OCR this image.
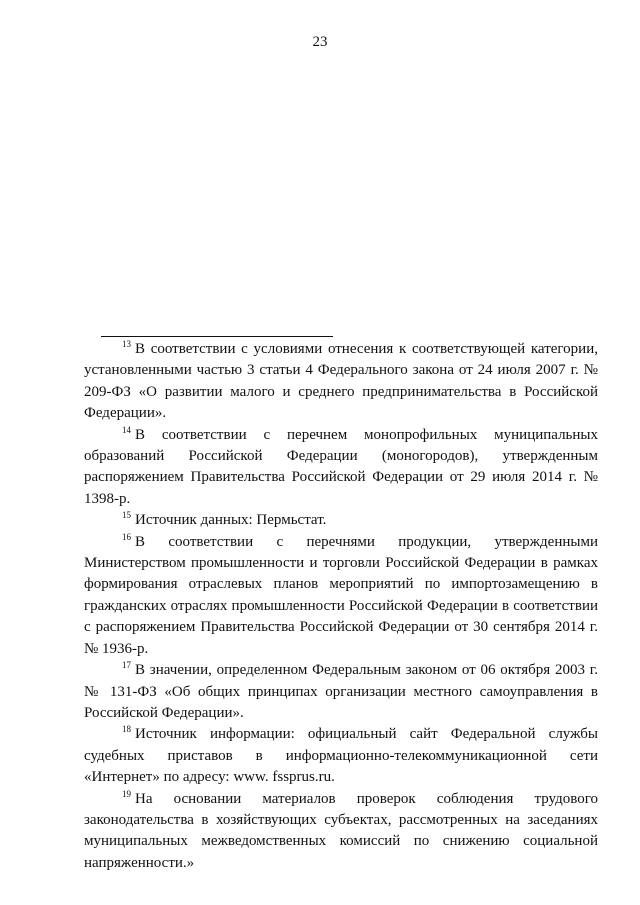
23

$^{13}$ В соответствии с условиями отнесения к соответствующей категории, установленными частью 3 статьи 4 Федерального закона от 24 июля 2007 г. № 209-ФЗ «О развитии малого и среднего предпринимательства в Российской Федерации».

$^{14}$ В соответствии с перечнем монопрофильных муниципальных образований Российской Федерации (моногородов), утвержденным распоряжением Правительства Российской Федерации от 29 июля 2014 г. № 1398-р.

$^{15}$ Источник данных: Пермьстат.

$^{16}$ В соответствии с перечнями продукции, утвержденными Министерством промышленности и торговли Российской Федерации в рамках формирования отраслевых планов мероприятий по импортозамещению в гражданских отраслях промышленности Российской Федерации в соответствии с распоряжением Правительства Российской Федерации от 30 сентября 2014 г. № 1936-р.

$^{17}$ В значении, определенном Федеральным законом от 06 октября 2003 г. № 131-ФЗ «Об общих принципах организации местного самоуправления в Российской Федерации».

$^{18}$ Источник информации: официальный сайт Федеральной службы судебных приставов в информационно-телекоммуникационной сети «Интернет» по адресу: www. fssprus.ru.

$^{19}$ На основании материалов проверок соблюдения трудового законодательства в хозяйствующих субъектах, рассмотренных на заседаниях муниципальных межведомственных комиссий по снижению социальной напряженности.»
